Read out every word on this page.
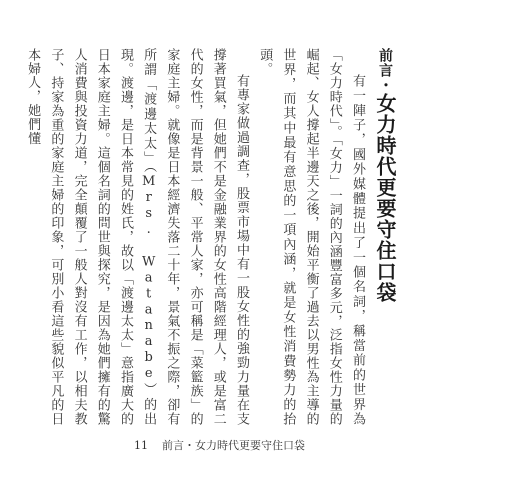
前言・女力時代更要守住口袋

有一陣子，國外媒體提出了一個名詞，稱當前的世界為「女力時代」。「女力」一詞的內涵豐富多元，泛指女性力量的崛起、女人撐起半邊天之後，開始平衡了過去以男性為主導的世界，而其中最有意思的一項內涵，就是女性消費勢力的抬頭。

有專家做過調查，股票市場中有一股女性的強勁力量在支撐著買氣，但她們不是金融業界的女性高階經理人，或是富二代的女性，而是背景一般、平常人家，亦可稱是「菜籃族」的家庭主婦。就像是日本經濟失落二十年，景氣不振之際，卻有所謂「渡邊太太」（Mrs. Watanabe）的出現。渡邊，是日本常見的姓氏，故以「渡邊太太」意指廣大的日本家庭主婦。這個名詞的問世與探究，是因為她們擁有的驚人消費與投資力道，完全顛覆了一般人對沒有工作，以相夫教子、持家為重的家庭主婦的印象，可別小看這些貌似平凡的日本婦人，她們懂

11 前言・女力時代更要守住口袋
